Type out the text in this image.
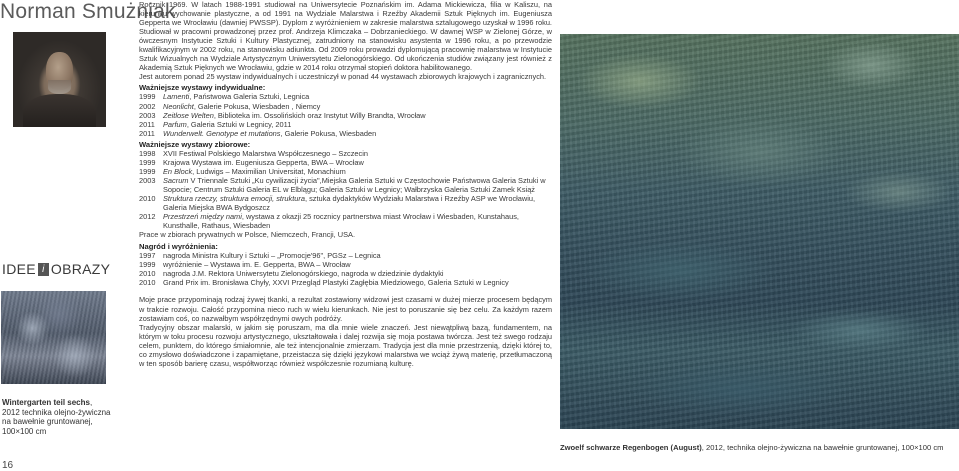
Norman Smużniak
IDEE i OBRAZY
Wintergarten teil sechs, 2012 technika olejno-żywiczna na bawełnie gruntowanej, 100×100 cm
16

Rocznik 1969. W latach 1988-1991 studiował na Uniwersytecie Poznańskim im. Adama Mickiewicza, filia w Kaliszu, na kierunku wychowanie plastyczne, a od 1991 na Wydziale Malarstwa i Rzeźby Akademii Sztuk Pięknych im. Eugeniusza Gepperta we Wrocławiu (dawniej PWSSP). Dyplom z wyróżnieniem w zakresie malarstwa sztalugowego uzyskał w 1996 roku. Studiował w pracowni prowadzonej przez prof. Andrzeja Klimczaka – Dobrzanieckiego. W dawnej WSP w Zielonej Górze, w ówczesnym Instytucie Sztuki i Kultury Plastycznej, zatrudniony na stanowisku asystenta w 1996 roku, a po przewodzie kwalifikacyjnym w 2002 roku, na stanowisku adiunkta. Od 2009 roku prowadzi dyplomującą pracownię malarstwa w Instytucie Sztuk Wizualnych na Wydziale Artystycznym Uniwersytetu Zielonogórskiego. Od ukończenia studiów związany jest również z Akademią Sztuk Pięknych we Wrocławiu, gdzie w 2014 roku otrzymał stopień doktora habilitowanego.

Jest autorem ponad 25 wystaw indywidualnych i uczestniczył w ponad 44 wystawach zbiorowych krajowych i zagranicznych.

Ważniejsze wystawy indywidualne:
1999	Lamenti, Państwowa Galeria Sztuki, Legnica
2002	Neonlicht, Galerie Pokusa, Wiesbaden , Niemcy
2003	Zeitlose Welten, Biblioteka im. Ossolińskich oraz Instytut Willy Brandta, Wrocław
2011	Parfum, Galeria Sztuki w Legnicy, 2011
2011	Wunderwelt. Genotype et mutations, Galerie Pokusa, Wiesbaden
Ważniejsze wystawy zbiorowe:
1998	XVII Festiwal Polskiego Malarstwa Współczesnego – Szczecin
1999	Krajowa Wystawa im. Eugeniusza Gepperta, BWA – Wrocław
1999	En Block, Ludwigs – Maximilian Universitat, Monachium
2003	Sacrum V Triennale Sztuki „Ku cywilizacji życia",Miejska Galeria Sztuki w Częstochowie Państwowa Galeria Sztuki w Sopocie; Centrum Sztuki Galeria EL w Elblągu; Galeria Sztuki w Legnicy; Wałbrzyska Galeria Sztuki Zamek Książ
2010	Struktura rzeczy, struktura emocji, struktura, sztuka dydaktyków Wydziału Malarstwa i Rzeźby ASP we Wrocławiu, Galeria Miejska BWA Bydgoszcz
2012	Przestrzeń między nami, wystawa z okazji 25 rocznicy partnerstwa miast Wrocław i Wiesbaden, Kunstahaus, Kunsthalle, Rathaus, Wiesbaden

Prace w zbiorach prywatnych w Polsce, Niemczech, Francji, USA.

Nagród i wyróżnienia:
1997	nagroda Ministra Kultury i Sztuki – „Promocje'96", PGSz – Legnica
1999	wyróżnienie – Wystawa im. E. Gepperta, BWA – Wrocław
2010	nagroda J.M. Rektora Uniwersytetu Zielonogórskiego, nagroda w dziedzinie dydaktyki
2010	Grand Prix im. Bronisława Chyły, XXVI Przegląd Plastyki Zagłębia Miedziowego, Galeria Sztuki w Legnicy

Moje prace przypominają rodzaj żywej tkanki, a rezultat zostawiony widzowi jest czasami w dużej mierze procesem będącym w trakcie rozwoju. Całość przypomina nieco ruch w wielu kierunkach. Nie jest to poruszanie się bez celu. Za każdym razem zostawiam coś, co nazwałbym współrzędnymi owych podróży.

Tradycyjny obszar malarski, w jakim się poruszam, ma dla mnie wiele znaczeń. Jest niewątpliwą bazą, fundamentem, na którym w toku procesu rozwoju artystycznego, ukształtowała i dalej rozwija się moja postawa twórcza. Jest też swego rodzaju celem, punktem, do którego śmiałomnie, ale też intencjonalnie zmierzam. Tradycja jest dla mnie przestrzenią, dzięki której to, co zmysłowo doświadczone i zapamiętane, przeistacza się dzięki językowi malarstwa we wciąż żywą materię, przetłumaczoną w ten sposób barierę czasu, współtworząc również współczesnie rozumianą kulturę.

Zwoelf schwarze Regenbogen (August), 2012, technika olejno-żywiczna na bawełnie gruntowanej, 100×100 cm
